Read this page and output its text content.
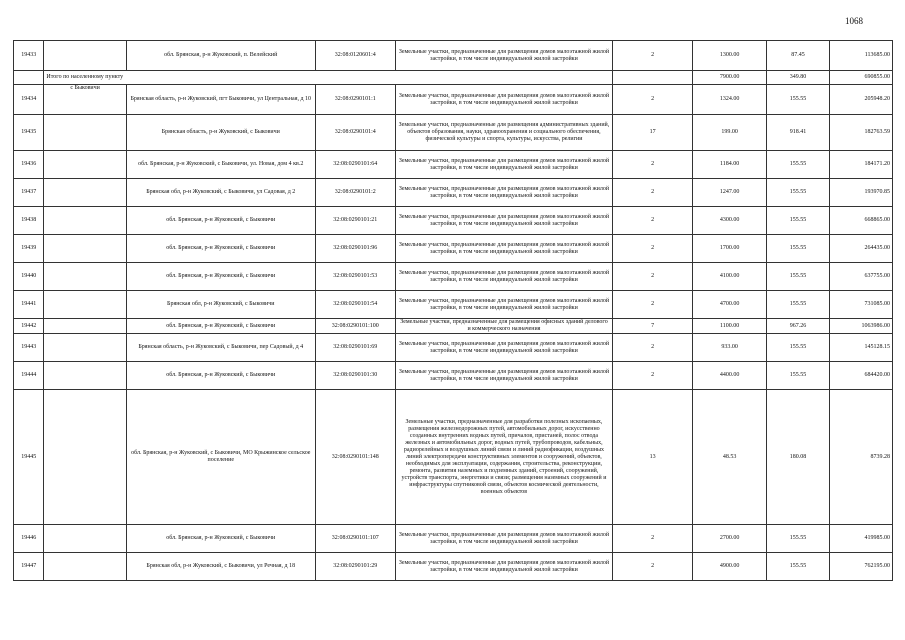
1068
19433		обл. Брянская, р-н Жуковский, п. Велейский	32:08:0120601:4	Земельные участки, предназначенные для размещения домов малоэтажной жилой застройки, в том числе индивидуальной жилой застройки	2	1300.00	87.45	113685.00
	Итого по населенному пункту					7900.00	349.80	690855.00
19434	с Быковичи	Брянская область, р-н Жуковский, пгт Быковичи, ул Центральная, д 10	32:08:0290101:1	Земельные участки, предназначенные для размещения домов малоэтажной жилой застройки, в том числе индивидуальной жилой застройки	2	1324.00	155.55	205948.20
19435		Брянская область, р-н Жуковский, с Быковичи	32:08:0290101:4	Земельные участки, предназначенные для размещения административных зданий, объектов образования, науки, здравоохранения и социального обеспечения, физической культуры и спорта, культуры, искусства, религии	17	199.00	918.41	182763.59
19436		обл. Брянская, р-н Жуковский, с Быковичи, ул. Новая, дом 4 кв.2	32:08:0290101:64	Земельные участки, предназначенные для размещения домов малоэтажной жилой застройки, в том числе индивидуальной жилой застройки	2	1184.00	155.55	184171.20
19437		Брянская обл, р-н Жуковский, с Быковичи, ул Садовая, д 2	32:08:0290101:2	Земельные участки, предназначенные для размещения домов малоэтажной жилой застройки, в том числе индивидуальной жилой застройки	2	1247.00	155.55	193970.85
19438		обл. Брянская, р-н Жуковский, с Быковичи	32:08:0290101:21	Земельные участки, предназначенные для размещения домов малоэтажной жилой застройки, в том числе индивидуальной жилой застройки	2	4300.00	155.55	668865.00
19439		обл. Брянская, р-н Жуковский, с Быковичи	32:08:0290101:96	Земельные участки, предназначенные для размещения домов малоэтажной жилой застройки, в том числе индивидуальной жилой застройки	2	1700.00	155.55	264435.00
19440		обл. Брянская, р-н Жуковский, с Быковичи	32:08:0290101:53	Земельные участки, предназначенные для размещения домов малоэтажной жилой застройки, в том числе индивидуальной жилой застройки	2	4100.00	155.55	637755.00
19441		Брянская обл, р-н Жуковский, с Быковичи	32:08:0290101:54	Земельные участки, предназначенные для размещения домов малоэтажной жилой застройки, в том числе индивидуальной жилой застройки	2	4700.00	155.55	731085.00
19442		обл. Брянская, р-н Жуковский, с Быковичи	32:08:0290101:100	Земельные участки, предназначенные для размещения офисных зданий делового и коммерческого назначения	7	1100.00	967.26	1063986.00
19443		Брянская область, р-н Жуковский, с Быковичи, пер Садовый, д 4	32:08:0290101:69	Земельные участки, предназначенные для размещения домов малоэтажной жилой застройки, в том числе индивидуальной жилой застройки	2	933.00	155.55	145128.15
19444		обл. Брянская, р-н Жуковский, с Быковичи	32:08:0290101:30	Земельные участки, предназначенные для размещения домов малоэтажной жилой застройки, в том числе индивидуальной жилой застройки	2	4400.00	155.55	684420.00
19445		обл. Брянская, р-н Жуковский, с Быковичи, МО Крыжинское сельское поселение	32:08:0290101:148	Земельные участки, предназначенные для разработки полезных ископаемых, размещения железнодорожных путей, автомобильных дорог, искусственно созданных внутренних водных путей, причалов, пристаней, полос отвода железных и автомобильных дорог, водных путей, трубопроводов, кабельных, радиорелейных и воздушных линий связи и линий радиофикации, воздушных линий электропередачи конструктивных элементов и сооружений, объектов, необходимых для эксплуатации, содержания, строительства, реконструкции, ремонта, развития наземных и подземных зданий, строений, сооружений, устройств транспорта, энергетики и связи; размещения наземных сооружений и инфраструктуры спутниковой связи, объектов космической деятельности, военных объектов	13	48.53	180.08	8739.28
19446		обл. Брянская, р-н Жуковский, с Быковичи	32:08:0290101:107	Земельные участки, предназначенные для размещения домов малоэтажной жилой застройки, в том числе индивидуальной жилой застройки	2	2700.00	155.55	419985.00
19447		Брянская обл, р-н Жуковский, с Быковичи, ул Речная, д 18	32:08:0290101:29	Земельные участки, предназначенные для размещения домов малоэтажной жилой застройки, в том числе индивидуальной жилой застройки	2	4900.00	155.55	762195.00
